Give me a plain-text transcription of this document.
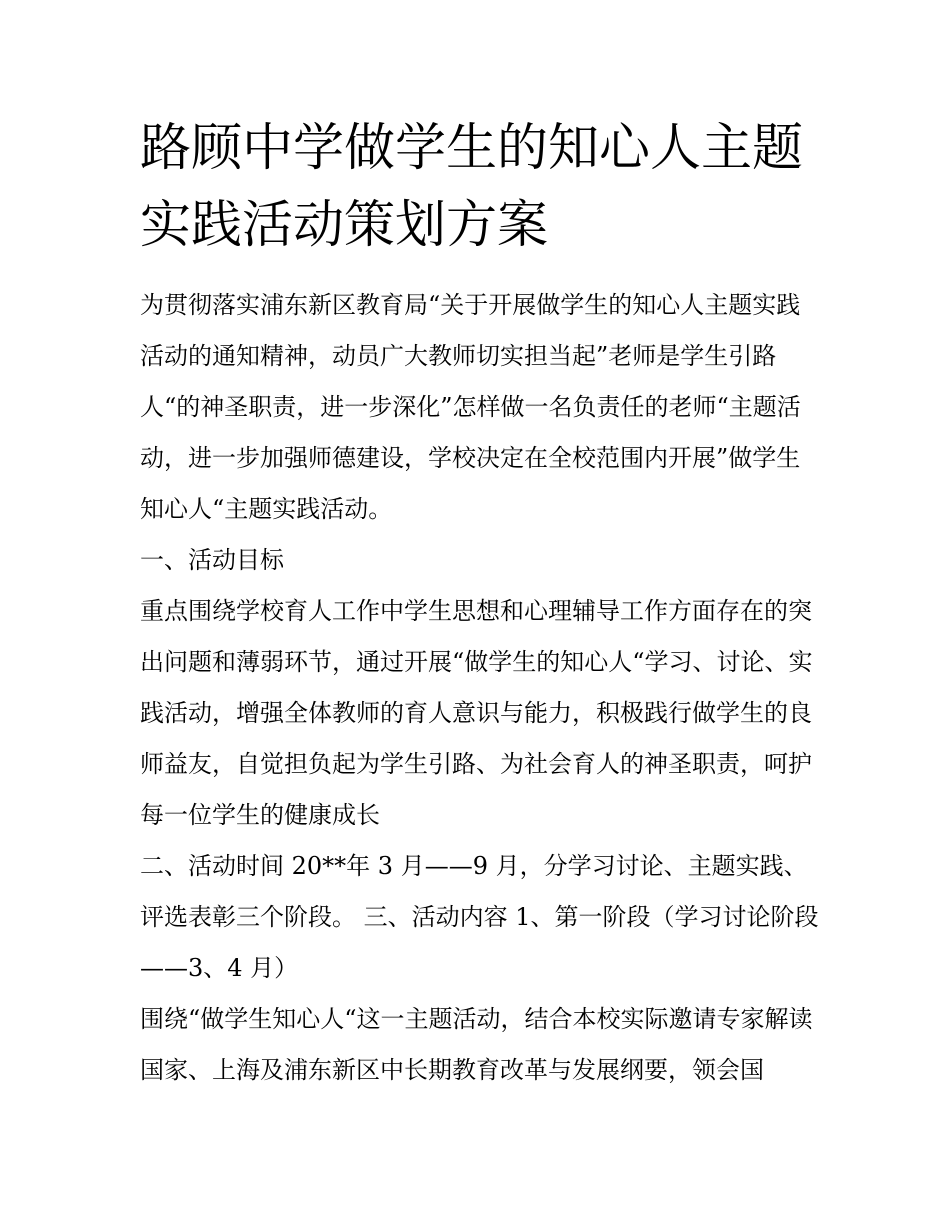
路顾中学做学生的知心人主题实践活动策划方案

为贯彻落实浦东新区教育局“关于开展做学生的知心人主题实践活动的通知精神，动员广大教师切实担当起”老师是学生引路人“的神圣职责，进一步深化”怎样做一名负责任的老师“主题活动，进一步加强师德建设，学校决定在全校范围内开展”做学生知心人“主题实践活动。

一、活动目标

重点围绕学校育人工作中学生思想和心理辅导工作方面存在的突出问题和薄弱环节，通过开展“做学生的知心人“学习、讨论、实践活动，增强全体教师的育人意识与能力，积极践行做学生的良师益友，自觉担负起为学生引路、为社会育人的神圣职责，呵护每一位学生的健康成长

二、活动时间 20**年 3 月——9 月，分学习讨论、主题实践、评选表彰三个阶段。 三、活动内容 1、第一阶段（学习讨论阶段——3、4 月）

围绕“做学生知心人“这一主题活动，结合本校实际邀请专家解读国家、上海及浦东新区中长期教育改革与发展纲要，领会国
